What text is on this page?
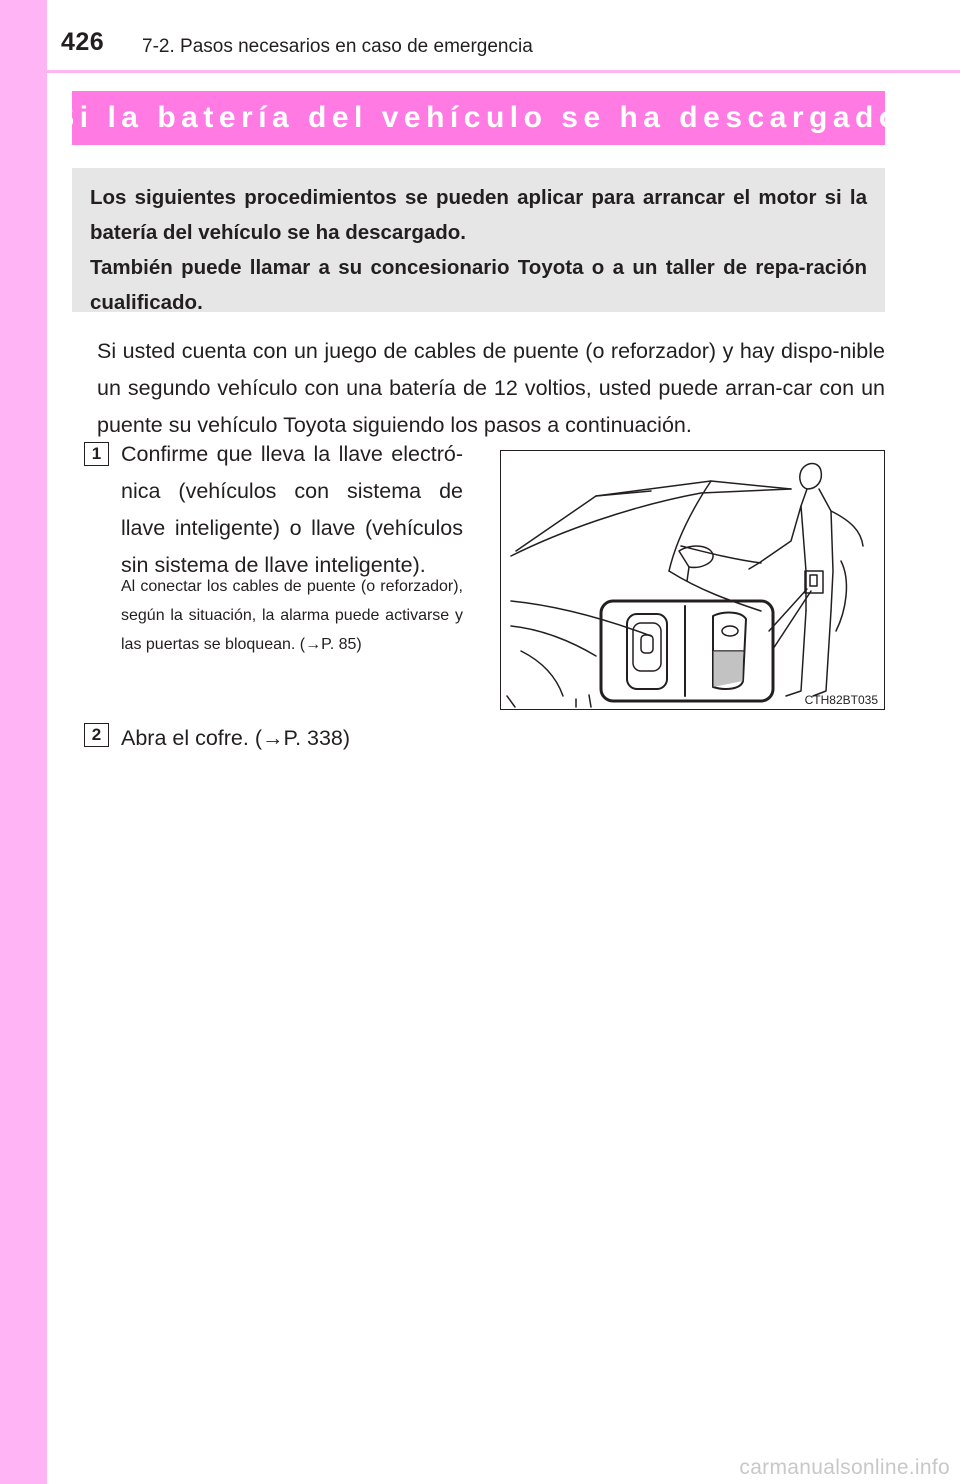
426 7-2. Pasos necesarios en caso de emergencia
Si la batería del vehículo se ha descargado

Los siguientes procedimientos se pueden aplicar para arrancar el motor si la batería del vehículo se ha descargado.

También puede llamar a su concesionario Toyota o a un taller de repa-ración cualificado.

Si usted cuenta con un juego de cables de puente (o reforzador) y hay dispo-nible un segundo vehículo con una batería de 12 voltios, usted puede arran-car con un puente su vehículo Toyota siguiendo los pasos a continuación.

1 Confirme que lleva la llave electró-nica (vehículos con sistema de llave inteligente) o llave (vehículos sin sistema de llave inteligente).

Al conectar los cables de puente (o reforzador), según la situación, la alarma puede activarse y las puertas se bloquean. (→P. 85)

CTH82BT035
2 Abra el cofre. (→P. 338)

carmanualsonline.info
